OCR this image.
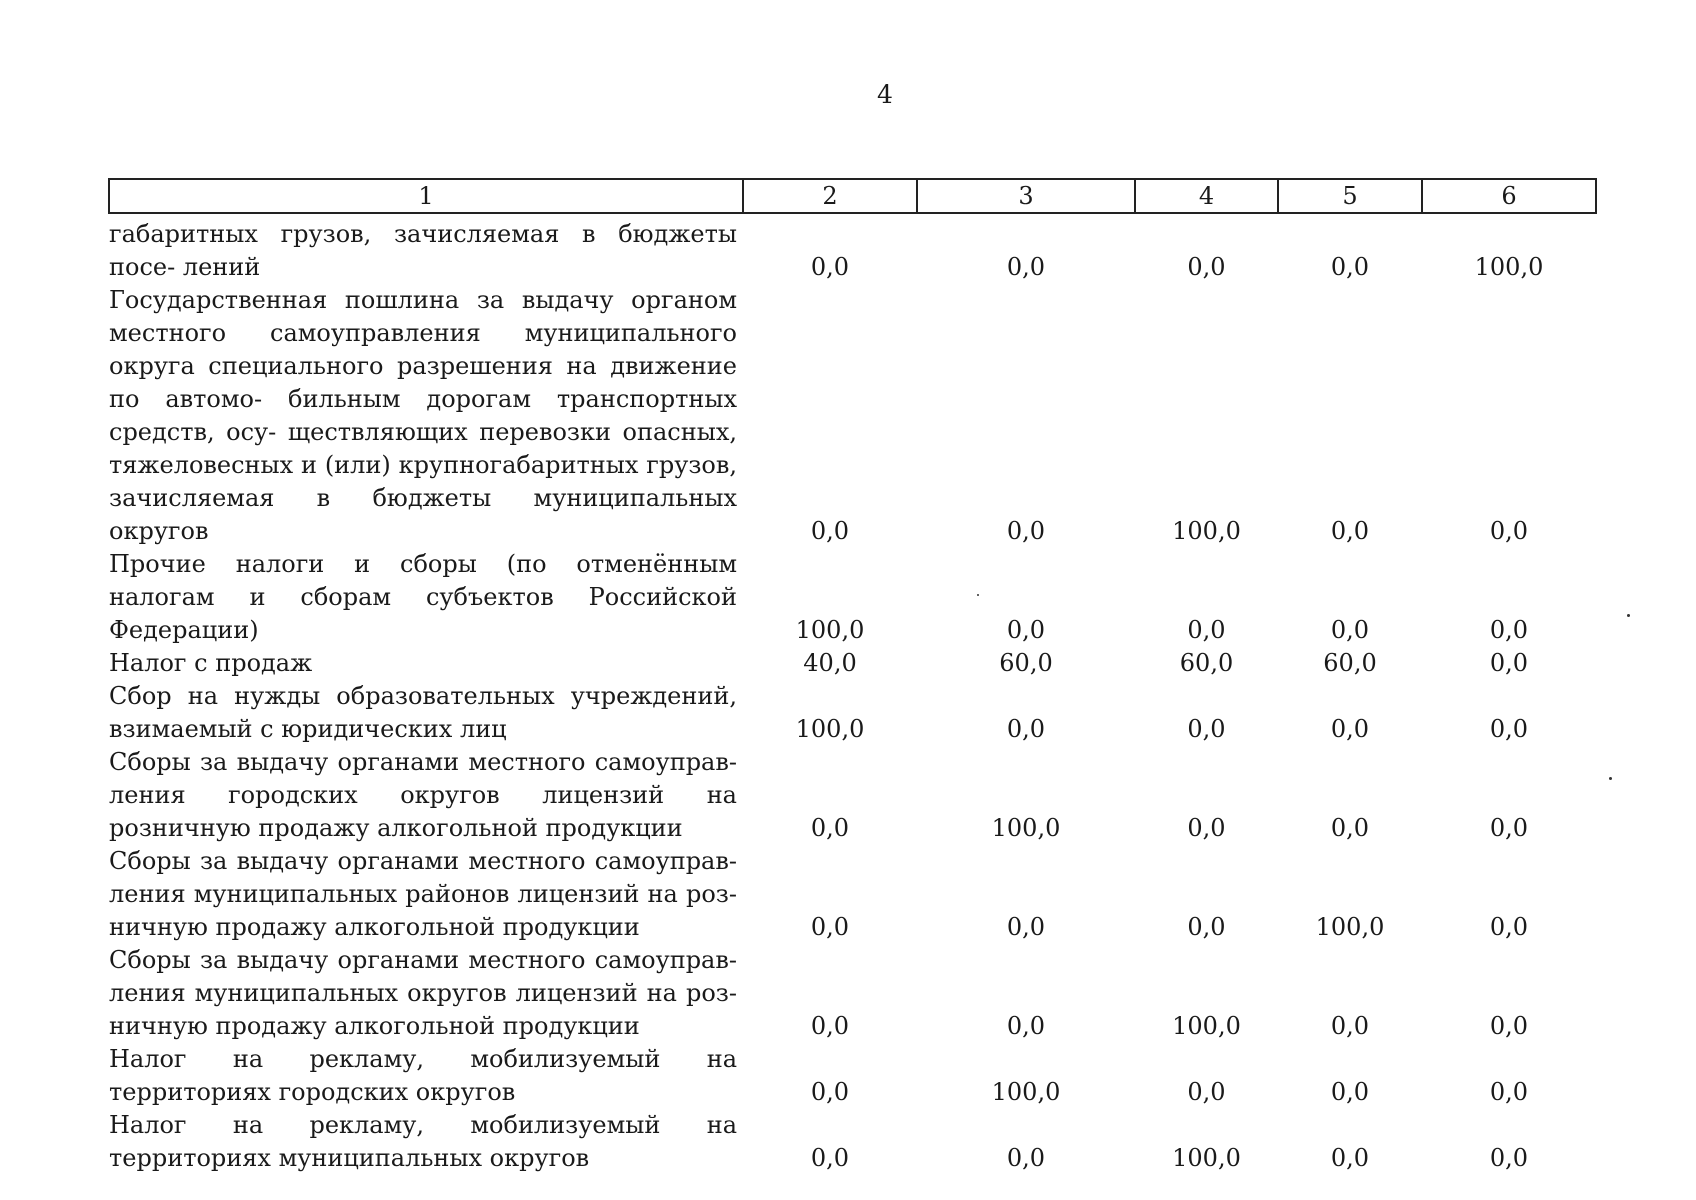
4
1	2	3	4	5	6
габаритных грузов, зачисляемая в бюджеты посе- лений	0,0	0,0	0,0	0,0	100,0
Государственная пошлина за выдачу органом местного самоуправления муниципального округа специального разрешения на движение по автомо- бильным дорогам транспортных средств, осу- ществляющих перевозки опасных, тяжеловесных и (или) крупногабаритных грузов, зачисляемая в бюджеты муниципальных округов	0,0	0,0	100,0	0,0	0,0
Прочие налоги и сборы (по отменённым налогам и сборам субъектов Российской Федерации)	100,0	0,0	0,0	0,0	0,0
Налог с продаж	40,0	60,0	60,0	60,0	0,0
Сбор на нужды образовательных учреждений, взимаемый с юридических лиц	100,0	0,0	0,0	0,0	0,0
Сборы за выдачу органами местного самоуправ- ления городских округов лицензий на розничную продажу алкогольной продукции	0,0	100,0	0,0	0,0	0,0
Сборы за выдачу органами местного самоуправ- ления муниципальных районов лицензий на роз- ничную продажу алкогольной продукции	0,0	0,0	0,0	100,0	0,0
Сборы за выдачу органами местного самоуправ- ления муниципальных округов лицензий на роз- ничную продажу алкогольной продукции	0,0	0,0	100,0	0,0	0,0
Налог на рекламу, мобилизуемый на территориях городских округов	0,0	100,0	0,0	0,0	0,0
Налог на рекламу, мобилизуемый на территориях муниципальных округов	0,0	0,0	100,0	0,0	0,0
